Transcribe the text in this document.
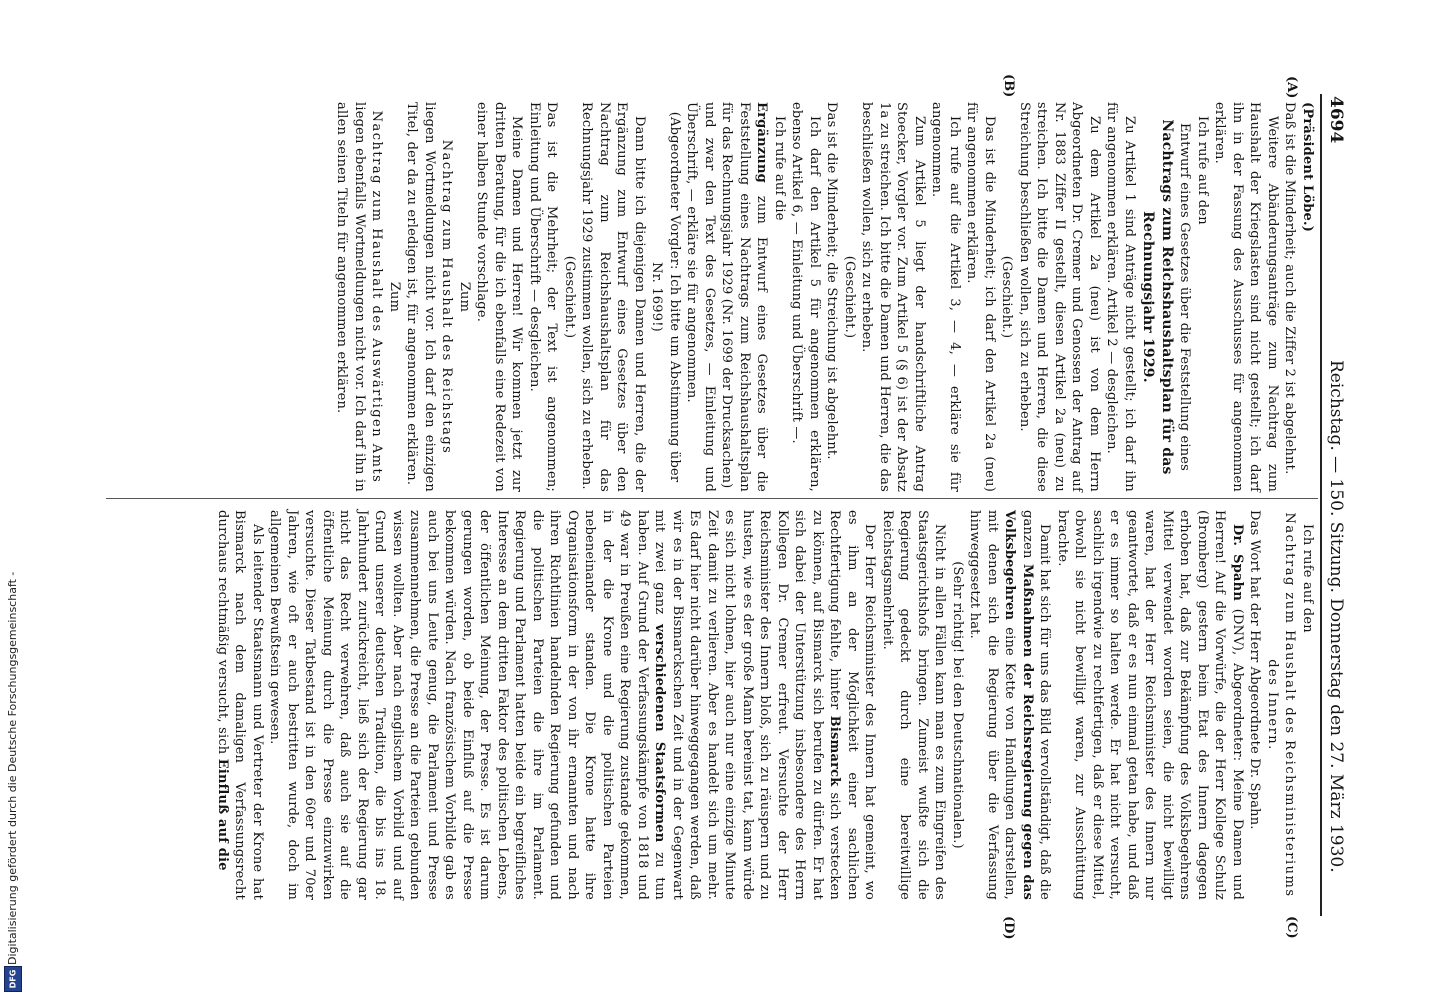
Digitalisierung gefördert durch die Deutsche Forschungsgemeinschaft -
DFG
4694
Reichstag. — 150. Sitzung. Donnerstag den 27. März 1930.
(A)
(B)
(C)
(D)

(Präsident Löbe.)

Daß ist die Minderheit; auch die Ziffer 2 ist abgelehnt.

Weitere Abänderungsanträge zum Nachtrag zum Haushalt der Kriegslasten sind nicht gestellt; ich darf ihn in der Fassung des Ausschusses für angenommen erklären.

Ich rufe auf den

Entwurf eines Gesetzes über die Feststellung eines

Nachtrags zum Reichshaushaltsplan für das Rechnungsjahr 1929.

Zu Artikel 1 sind Anträge nicht gestellt; ich darf ihn für angenommen erklären. Artikel 2 — desgleichen.

Zu dem Artikel 2a (neu) ist von dem Herrn Abgeordneten Dr. Cremer und Genossen der Antrag auf Nr. 1883 Ziffer II gestellt, diesen Artikel 2a (neu) zu streichen. Ich bitte die Damen und Herren, die diese Streichung beschließen wollen, sich zu erheben.

(Geschieht.)

Das ist die Minderheit; ich darf den Artikel 2a (neu) für angenommen erklären.

Ich rufe auf die Artikel 3, — 4, — erkläre sie für angenommen.

Zum Artikel 5 liegt der handschriftliche Antrag Stoecker, Vorgler vor. Zum Artikel 5 (§ 6) ist der Absatz 1a zu streichen. Ich bitte die Damen und Herren, die das beschließen wollen, sich zu erheben.

(Geschieht.)

Das ist die Minderheit; die Streichung ist abgelehnt.

Ich darf den Artikel 5 für angenommen erklären, ebenso Artikel 6, — Einleitung und Überschrift —.

Ich rufe auf die

Ergänzung zum Entwurf eines Gesetzes über die Feststellung eines Nachtrags zum Reichshaushaltsplan für das Rechnungsjahr 1929 (Nr. 1699 der Drucksachen)

und zwar den Text des Gesetzes, — Einleitung und Überschrift, — erkläre sie für angenommen.

(Abgeordneter Vorgler: Ich bitte um Abstimmung über Nr. 1699!)

Dann bitte ich diejenigen Damen und Herren, die der Ergänzung zum Entwurf eines Gesetzes über den Nachtrag zum Reichshaushaltsplan für das Rechnungsjahr 1929 zustimmen wollen, sich zu erheben.

(Geschieht.)

Das ist die Mehrheit; der Text ist angenommen; Einleitung und Überschrift — desgleichen.

Meine Damen und Herren! Wir kommen jetzt zur dritten Beratung, für die ich ebenfalls eine Redezeit von einer halben Stunde vorschlage.

Zum

Nachtrag zum Haushalt des Reichstags

liegen Wortmeldungen nicht vor. Ich darf den einzigen Titel, der da zu erledigen ist, für angenommen erklären.

Zum

Nachtrag zum Haushalt des Auswärtigen Amts

liegen ebenfalls Wortmeldungen nicht vor. Ich darf ihn in allen seinen Titeln für angenommen erklären.

Ich rufe auf den

Nachtrag zum Haushalt des Reichsministeriums des Innern.

Das Wort hat der Herr Abgeordnete Dr. Spahn.

Dr. Spahn (DNV), Abgeordneter: Meine Damen und Herren! Auf die Vorwürfe, die der Herr Kollege Schulz (Bromberg) gestern beim Etat des Innern dagegen erhoben hat, daß zur Bekämpfung des Volksbegehrens Mittel verwendet worden seien, die nicht bewilligt waren, hat der Herr Reichsminister des Innern nur geantwortet, daß er es nun einmal getan habe, und daß er es immer so halten werde. Er hat nicht versucht, sachlich irgendwie zu rechtfertigen, daß er diese Mittel, obwohl sie nicht bewilligt waren, zur Ausschüttung brachte.

Damit hat sich für uns das Bild vervollständigt, daß die ganzen Maßnahmen der Reichsregierung gegen das Volksbegehren eine Kette von Handlungen darstellen, mit denen sich die Regierung über die Verfassung hinweggesetzt hat.

(Sehr richtig! bei den Deutschnationalen.)

Nicht in allen Fällen kann man es zum Eingreifen des Staatsgerichtshofs bringen. Zumeist wußte sich die Regierung gedeckt durch eine bereitwillige Reichstagsmehrheit.

Der Herr Reichsminister des Innern hat gemeint, wo es ihm an der Möglichkeit einer sachlichen Rechtfertigung fehlte, hinter Bismarck sich verstecken zu können, auf Bismarck sich berufen zu dürfen. Er hat sich dabei der Unterstützung insbesondere des Herrn Kollegen Dr. Cremer erfreut. Versuchte der Herr Reichsminister des Innern bloß, sich zu räuspern und zu husten, wie es der große Mann bereinst tat, kann würde es sich nicht lohnen, hier auch nur eine einzige Minute Zeit damit zu verlieren. Aber es handelt sich um mehr. Es darf hier nicht darüber hinweggegangen werden, daß wir es in der Bismarckschen Zeit und in der Gegenwart mit zwei ganz verschiedenen Staatsformen zu tun haben. Auf Grund der Verfassungskämpfe von 1818 und 49 war in Preußen eine Regierung zustande gekommen, in der die Krone und die politischen Parteien nebeneinander standen. Die Krone hatte ihre Organisationsform in der von ihr ernannten und nach ihren Richtlinien handelnden Regierung gefunden und die politischen Parteien die ihre im Parlament. Regierung und Parlament hatten beide ein begreifliches Interesse an dem dritten Faktor des politischen Lebens, der öffentlichen Meinung, der Presse. Es ist darum gerungen worden, ob beide Einfluß auf die Presse bekommen würden. Nach französischem Vorbilde gab es auch bei uns Leute genug, die Parlament und Presse zusammennehmen, die Presse an die Parteien gebunden wissen wollten. Aber nach englischem Vorbild und auf Grund unserer deutschen Tradition, die bis ins 18. Jahrhundert zurückreicht, ließ sich der Regierung gar nicht das Recht verwehren, daß auch sie auf die öffentliche Meinung durch die Presse einzuwirken versuchte. Dieser Tatbestand ist in den 60er und 70er Jahren, wie oft er auch bestritten wurde, doch im allgemeinen Bewußtsein gewesen.

Als leitender Staatsmann und Vertreter der Krone hat Bismarck nach dem damaligen Verfassungsrecht durchaus rechtmäßig versucht, sich Einfluß auf die
